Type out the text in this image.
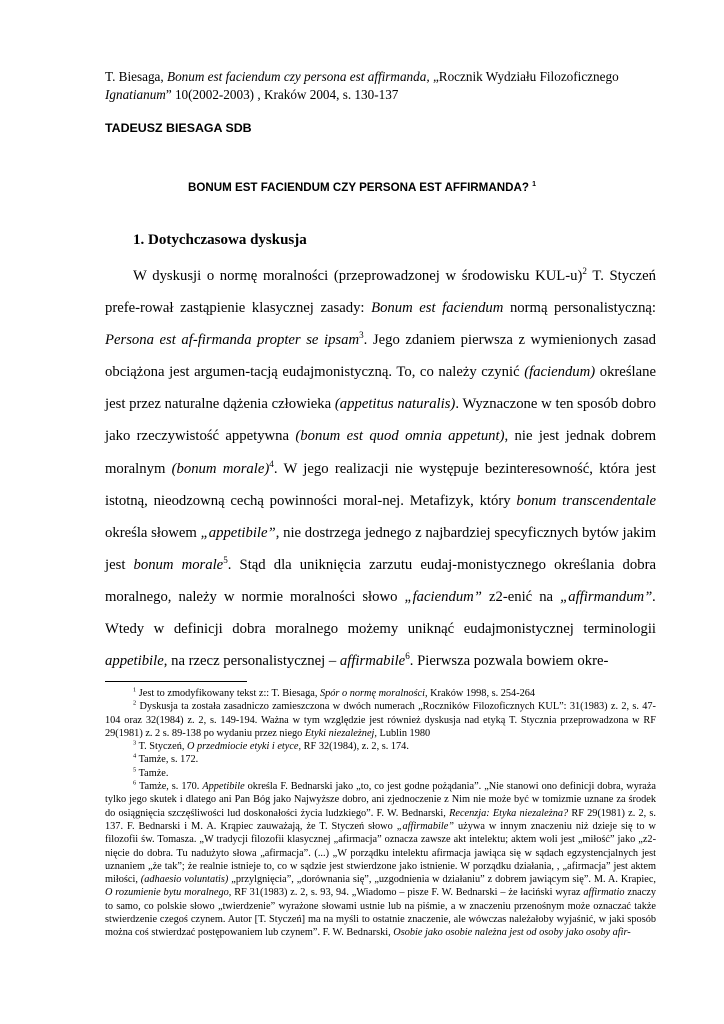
T. Biesaga, Bonum est faciendum czy persona est affirmanda, „Rocznik Wydziału Filozoficznego Ignatianum” 10(2002-2003) , Kraków 2004, s. 130-137
TADEUSZ BIESAGA SDB
BONUM EST FACIENDUM CZY PERSONA EST AFFIRMANDA? $^1$
1. Dotychczasowa dyskusja

W dyskusji o normę moralności (przeprowadzonej w środowisku KUL-u)$^2$ T. Styczeń prefe-rował zastąpienie klasycznej zasady: Bonum est faciendum normą personalistyczną: Persona est af-firmanda propter se ipsam$^3$. Jego zdaniem pierwsza z wymienionych zasad obciążona jest argumen-tacją eudajmonistyczną. To, co należy czynić (faciendum) określane jest przez naturalne dążenia człowieka (appetitus naturalis). Wyznaczone w ten sposób dobro jako rzeczywistość appetywna (bonum est quod omnia appetunt), nie jest jednak dobrem moralnym (bonum morale)$^4$. W jego realizacji nie występuje bezinteresowność, która jest istotną, nieodzowną cechą powinności moral-nej. Metafizyk, który bonum transcendentale określa słowem „appetibile”, nie dostrzega jednego z najbardziej specyficznych bytów jakim jest bonum morale$^5$. Stąd dla uniknięcia zarzutu eudaj-monistycznego określania dobra moralnego, należy w normie moralności słowo „faciendum” z2-enić na „affirmandum”. Wtedy w definicji dobra moralnego możemy uniknąć eudajmonistycznej terminologii appetibile, na rzecz personalistycznej – affirmabile$^6$. Pierwsza pozwala bowiem okre-

$^1$ Jest to zmodyfikowany tekst z:: T. Biesaga, Spór o normę moralności, Kraków 1998, s. 254-264

$^2$ Dyskusja ta została zasadniczo zamieszczona w dwóch numerach „Roczników Filozoficznych KUL”: 31(1983) z. 2, s. 47-104 oraz 32(1984) z. 2, s. 149-194. Ważna w tym względzie jest również dyskusja nad etyką T. Stycznia przeprowadzona w RF 29(1981) z. 2 s. 89-138 po wydaniu przez niego Etyki niezależnej, Lublin 1980

$^3$ T. Styczeń, O przedmiocie etyki i etyce, RF 32(1984), z. 2, s. 174.

$^4$ Tamże, s. 172.

$^5$ Tamże.

$^6$ Tamże, s. 170. Appetibile określa F. Bednarski jako „to, co jest godne pożądania”. „Nie stanowi ono definicji dobra, wyraża tylko jego skutek i dlatego ani Pan Bóg jako Najwyższe dobro, ani zjednoczenie z Nim nie może być w tomizmie uznane za środek do osiągnięcia szczęśliwości lud doskonałości życia ludzkiego”. F. W. Bednarski, Recenzja: Etyka niezależna? RF 29(1981) z. 2, s. 137. F. Bednarski i M. A. Krąpiec zauważają, że T. Styczeń słowo „affirmabile” używa w innym znaczeniu niż dzieje się to w filozofii św. Tomasza. „W tradycji filozofii klasycznej „afirmacja” oznacza zawsze akt intelektu; aktem woli jest „miłość” jako „z2-nięcie do dobra. Tu nadużyto słowa „afirmacja”. (...) „W porządku intelektu afirmacja jawiąca się w sądach egzystencjalnych jest uznaniem „że tak”; że realnie istnieje to, co w sądzie jest stwierdzone jako istnienie. W porządku działania, , „afirmacja” jest aktem miłości, (adhaesio voluntatis) „przylgnięcia”, „dorównania się”, „uzgodnienia w działaniu” z dobrem jawiącym się”. M. A. Krapiec, O rozumienie bytu moralnego, RF 31(1983) z. 2, s. 93, 94. „Wiadomo – pisze F. W. Bednarski – że łaciński wyraz affirmatio znaczy to samo, co polskie słowo „twierdzenie” wyrażone słowami ustnie lub na piśmie, a w znaczeniu przenośnym może oznaczać także stwierdzenie czegoś czynem. Autor [T. Styczeń] ma na myśli to ostatnie znaczenie, ale wówczas należałoby wyjaśnić, w jaki sposób można coś stwierdzać postępowaniem lub czynem”. F. W. Bednarski, Osobie jako osobie należna jest od osoby jako osoby afir-
